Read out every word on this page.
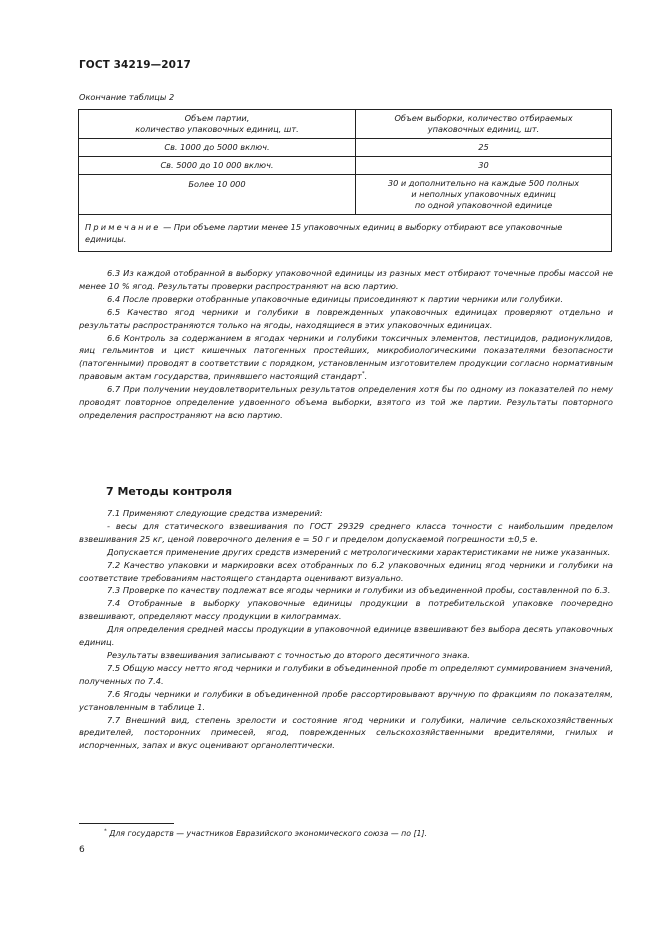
ГОСТ 34219—2017
Окончание таблицы 2
Объем партии,
количество упаковочных единиц, шт.	Объем выборки, количество отбираемых
упаковочных единиц, шт.
Св. 1000 до 5000 включ.	25
Св. 5000 до 10 000 включ.	30
Более 10 000	30 и дополнительно на каждые 500 полных
и неполных упаковочных единиц
по одной упаковочной единице
Примечание — При объеме партии менее 15 упаковочных единиц в выборку отбирают все упаковочные единицы.	

6.3 Из каждой отобранной в выборку упаковочной единицы из разных мест отбирают точечные пробы массой не менее 10 % ягод. Результаты проверки распространяют на всю партию.

6.4 После проверки отобранные упаковочные единицы присоединяют к партии черники или голубики.

6.5 Качество ягод черники и голубики в поврежденных упаковочных единицах проверяют отдельно и результаты распространяются только на ягоды, находящиеся в этих упаковочных единицах.

6.6 Контроль за содержанием в ягодах черники и голубики токсичных элементов, пестицидов, радионуклидов, яиц гельминтов и цист кишечных патогенных простейших, микробиологическими показателями безопасности (патогенными) проводят в соответствии с порядком, установленным изготовителем продукции согласно нормативным правовым актам государства, принявшего настоящий стандарт*.

6.7 При получении неудовлетворительных результатов определения хотя бы по одному из показателей по нему проводят повторное определение удвоенного объема выборки, взятого из той же партии. Результаты повторного определения распространяют на всю партию.

7 Методы контроля

7.1 Применяют следующие средства измерений:

- весы для статического взвешивания по ГОСТ 29329 среднего класса точности с наибольшим пределом взвешивания 25 кг, ценой поверочного деления е = 50 г и пределом допускаемой погрешности ±0,5 е.

Допускается применение других средств измерений с метрологическими характеристиками не ниже указанных.

7.2 Качество упаковки и маркировки всех отобранных по 6.2 упаковочных единиц ягод черники и голубики на соответствие требованиям настоящего стандарта оценивают визуально.

7.3 Проверке по качеству подлежат все ягоды черники и голубики из объединенной пробы, составленной по 6.3.

7.4 Отобранные в выборку упаковочные единицы продукции в потребительской упаковке поочередно взвешивают, определяют массу продукции в килограммах.

Для определения средней массы продукции в упаковочной единице взвешивают без выбора десять упаковочных единиц.

Результаты взвешивания записывают с точностью до второго десятичного знака.

7.5 Общую массу нетто ягод черники и голубики в объединенной пробе m определяют суммированием значений, полученных по 7.4.

7.6 Ягоды черники и голубики в объединенной пробе рассортировывают вручную по фракциям по показателям, установленным в таблице 1.

7.7 Внешний вид, степень зрелости и состояние ягод черники и голубики, наличие сельскохозяйственных вредителей, посторонних примесей, ягод, поврежденных сельскохозяйственными вредителями, гнилых и испорченных, запах и вкус оценивают органолептически.

* Для государств — участников Евразийского экономического союза — по [1].
6
